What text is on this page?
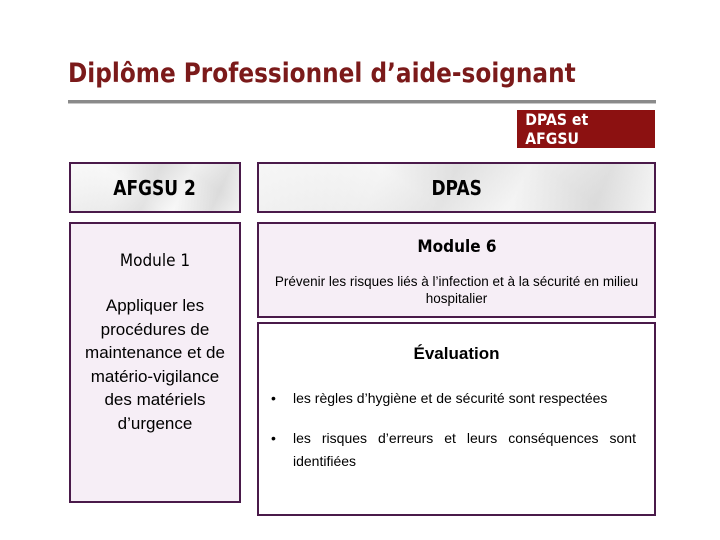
Diplôme Professionnel d’aide-soignant
DPAS et AFGSU
AFGSU 2	DPAS
Module 1
Appliquer les procédures de maintenance et de matério-vigilance des matériels d’urgence
Module 6
Prévenir les risques liés à l’infection et à la sécurité en milieu hospitalier
Évaluation
• les règles d’hygiène et de sécurité sont respectées
• les risques d’erreurs et leurs conséquences sont identifiées
